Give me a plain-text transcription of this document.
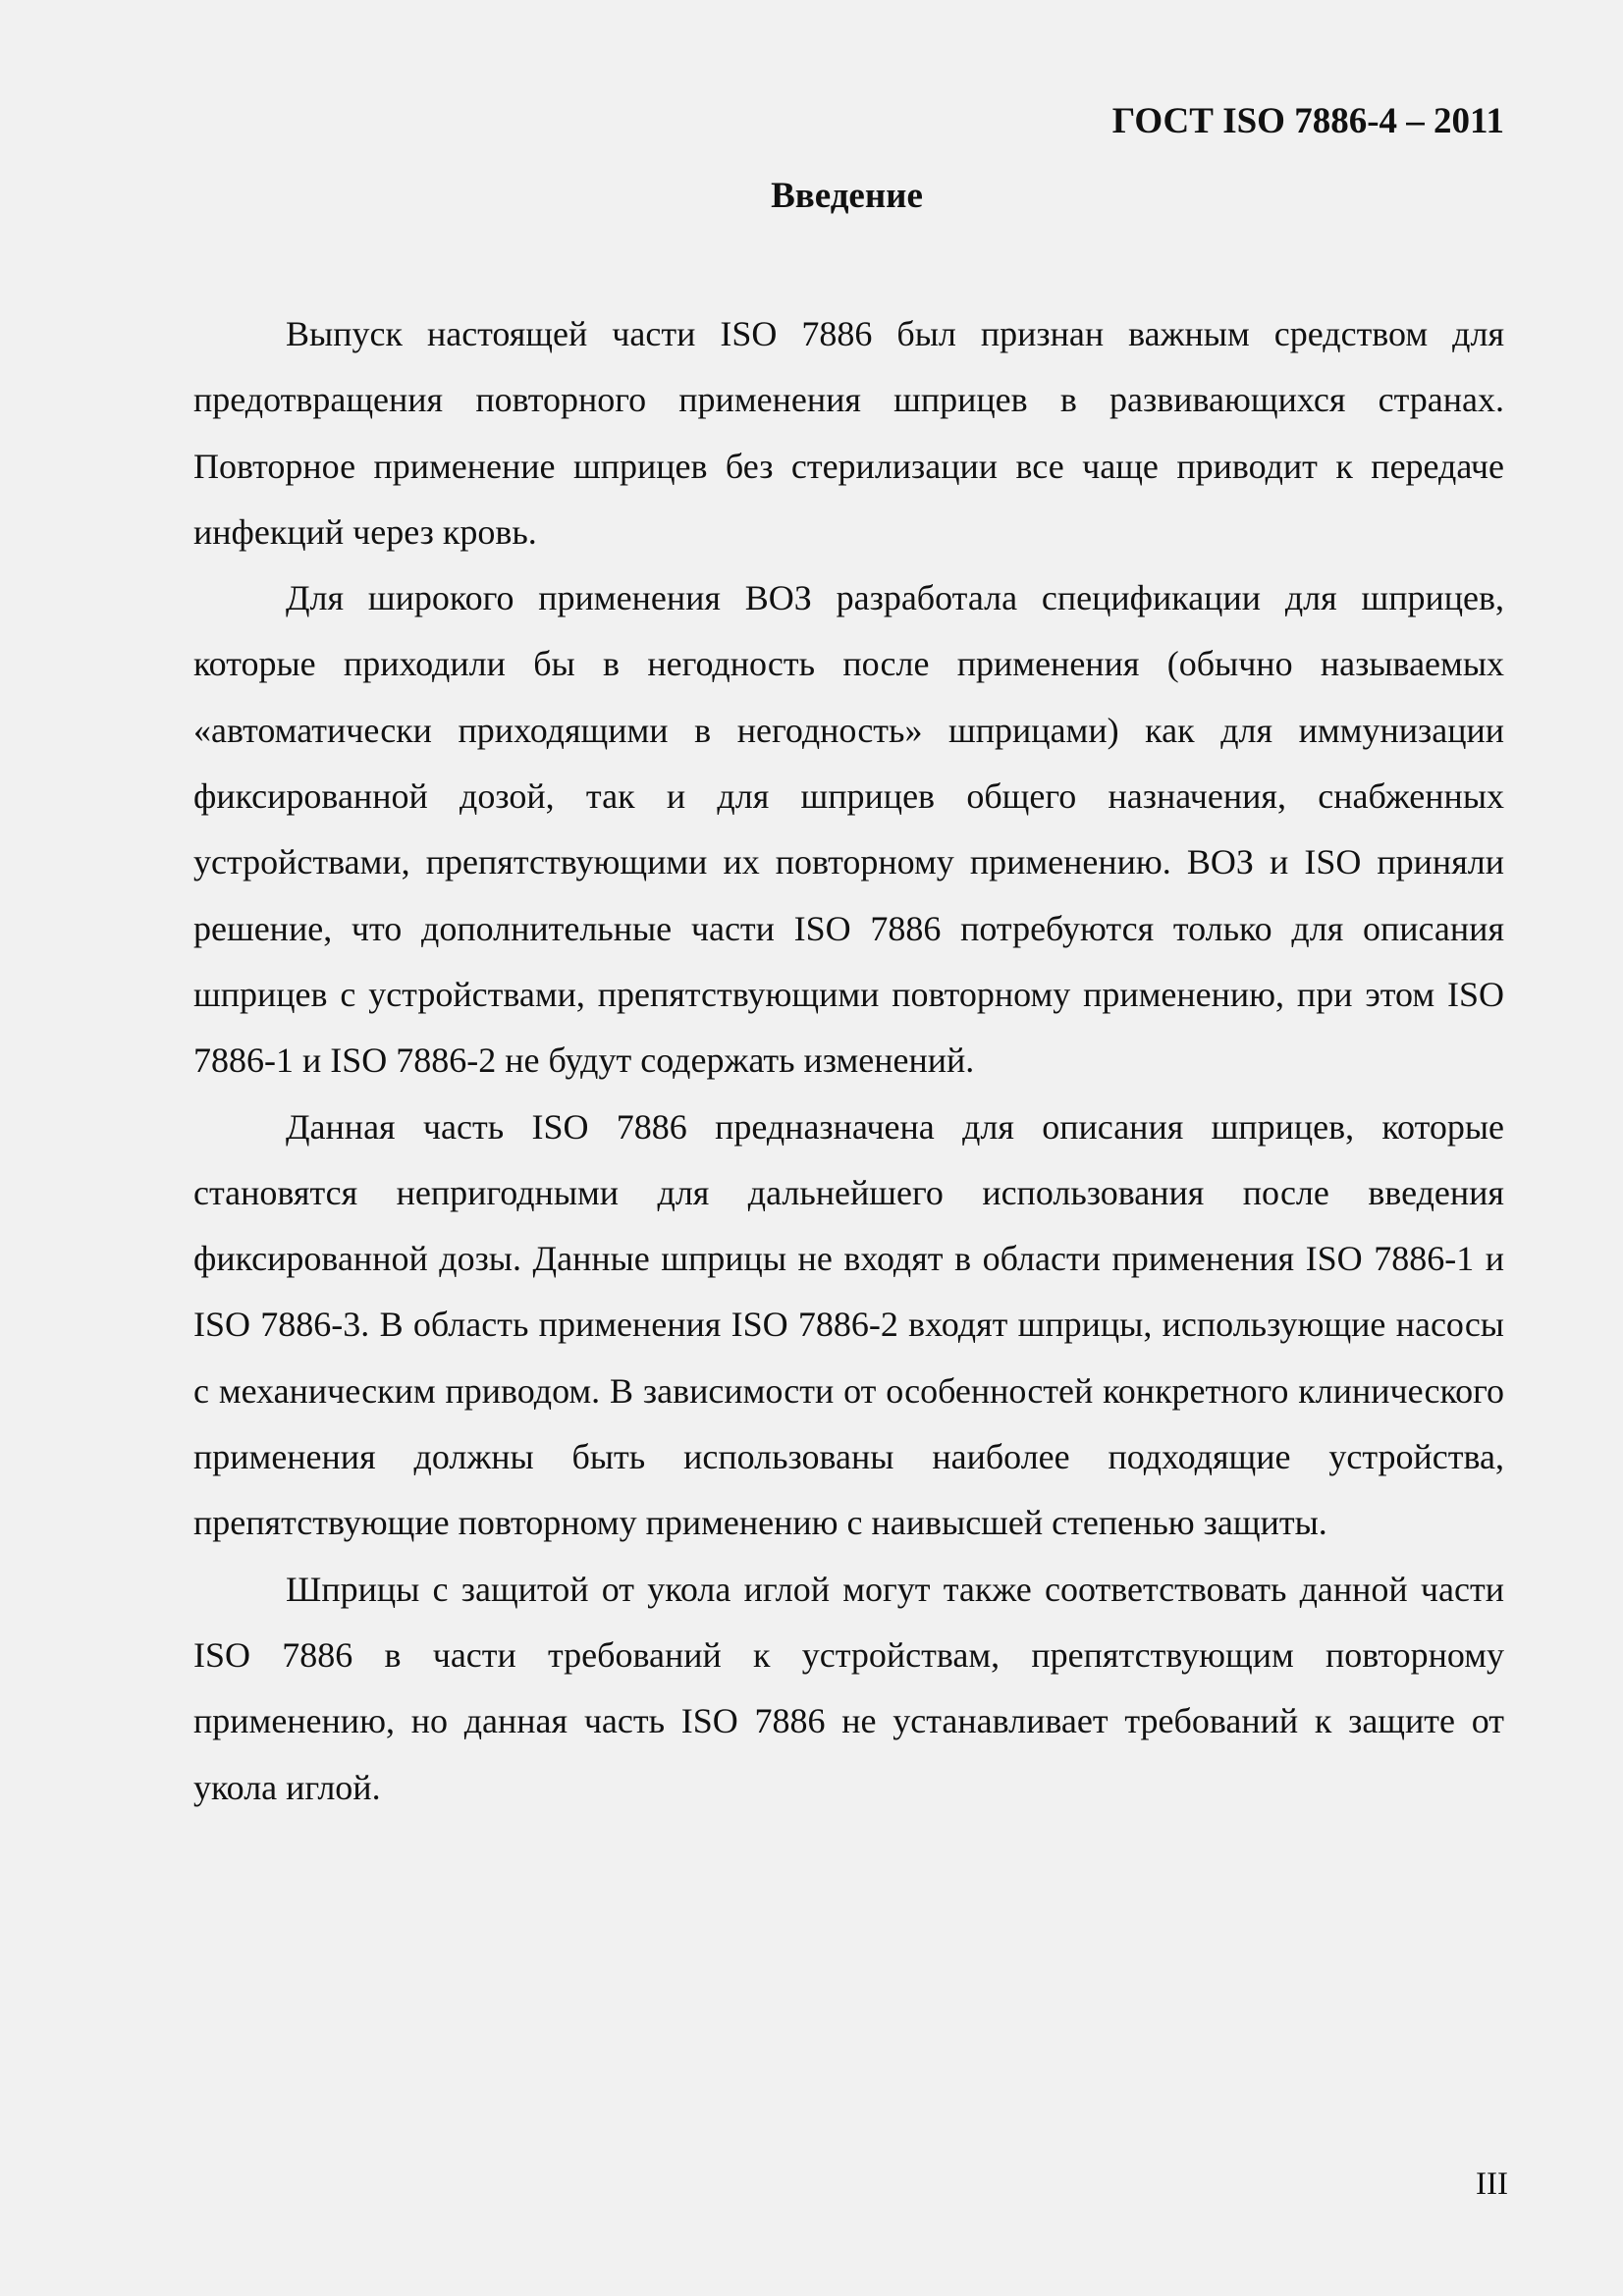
ГОСТ ISO 7886-4 – 2011
Введение

Выпуск настоящей части ISO 7886 был признан важным средством для предотвращения повторного применения шприцев в развивающихся странах. Повторное применение шприцев без стерилизации все чаще приводит к передаче инфекций через кровь.

Для широкого применения ВОЗ разработала спецификации для шприцев, которые приходили бы в негодность после применения (обычно называемых «автоматически приходящими в негодность» шприцами) как для иммунизации фиксированной дозой, так и для шприцев общего назначения, снабженных устройствами, препятствующими их повторному применению. ВОЗ и ISO приняли решение, что дополнительные части ISO 7886 потребуются только для описания шприцев с устройствами, препятствующими повторному применению, при этом ISO 7886-1 и ISO 7886-2 не будут содержать изменений.

Данная часть ISO 7886 предназначена для описания шприцев, которые становятся непригодными для дальнейшего использования после введения фиксированной дозы. Данные шприцы не входят в области применения ISO 7886-1 и ISO 7886-3. В область применения ISO 7886-2 входят шприцы, использующие насосы с механическим приводом. В зависимости от особенностей конкретного клинического применения должны быть использованы наиболее подходящие устройства, препятствующие повторному применению с наивысшей степенью защиты.

Шприцы с защитой от укола иглой могут также соответствовать данной части ISO 7886 в части требований к устройствам, препятствующим повторному применению, но данная часть ISO 7886 не устанавливает требований к защите от укола иглой.

III
